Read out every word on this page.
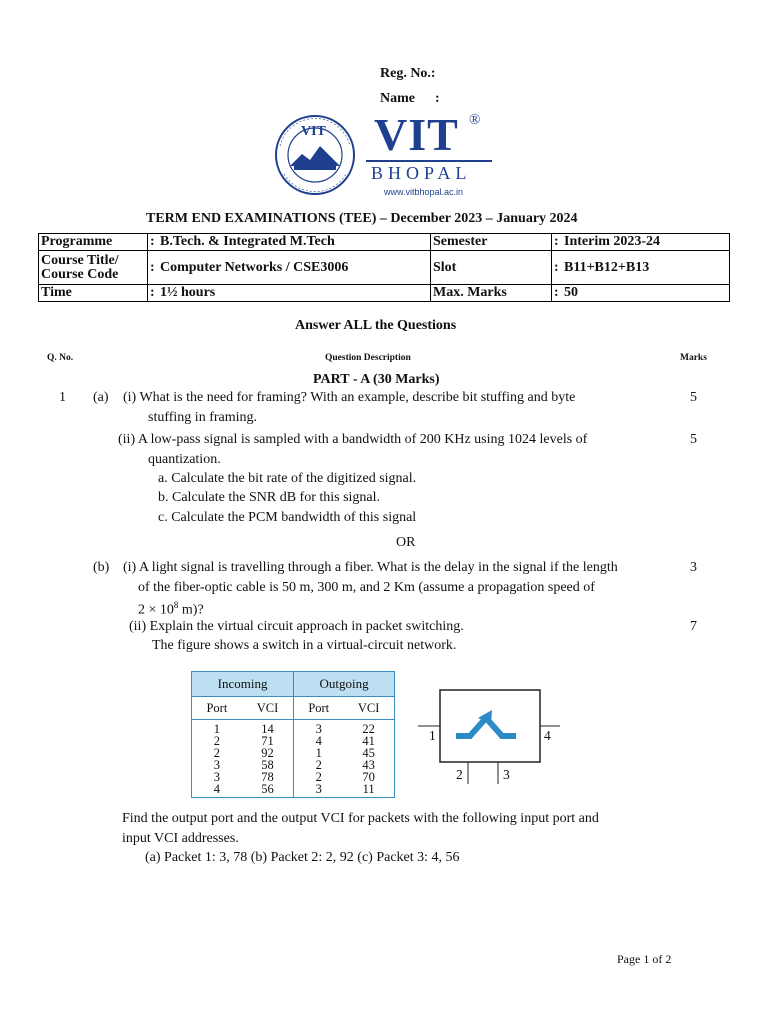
Reg. No.:
Name :
VIT VIT ®
BHOPAL
www.vitbhopal.ac.in
TERM END EXAMINATIONS (TEE) – December 2023 – January 2024
Programme	:	B.Tech. & Integrated M.Tech	Semester	:	Interim 2023-24
Course Title/ Course Code	:	Computer Networks / CSE3006	Slot	:	B11+B12+B13
Time	:	1½ hours	Max. Marks	:	50
Answer ALL the Questions
Q. No.	Question Description	Marks
PART - A (30 Marks)
1 (a) (i) What is the need for framing? With an example, describe bit stuffing and byte
stuffing in framing.
5
(ii) A low-pass signal is sampled with a bandwidth of 200 KHz using 1024 levels of
quantization.
a. Calculate the bit rate of the digitized signal.
b. Calculate the SNR dB for this signal.
c. Calculate the PCM bandwidth of this signal
5
OR
(b) (i) A light signal is travelling through a fiber. What is the delay in the signal if the length
of the fiber-optic cable is 50 m, 300 m, and 2 Km (assume a propagation speed of
$2 \times 10^8$ m)?
3
(ii) Explain the virtual circuit approach in packet switching.
The figure shows a switch in a virtual-circuit network.
7
Incoming		Outgoing	
Port	VCI	Port	VCI
1	14	3	22
2	71	4	41
2	92	1	45
3	58	2	43
3	78	2	70
4	56	3	11
1	4
2	3
Find the output port and the output VCI for packets with the following input port and
input VCI addresses.
(a) Packet 1: 3, 78 (b) Packet 2: 2, 92 (c) Packet 3: 4, 56
Page 1 of 2
